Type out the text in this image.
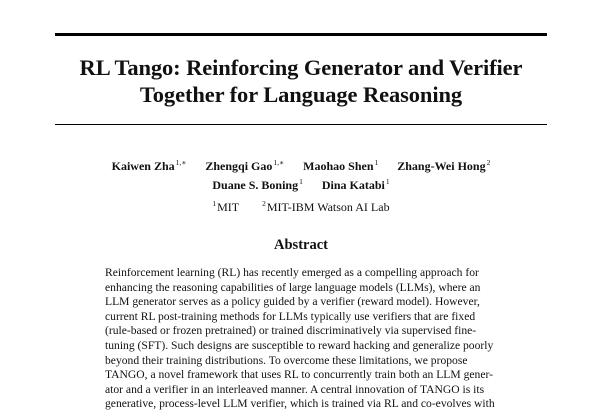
RL Tango: Reinforcing Generator and Verifier
Together for Language Reasoning
Kaiwen Zha$^{1,∗}$ Zhengqi Gao$^{1,∗}$ Maohao Shen$^1$ Zhang-Wei Hong$^2$
Duane S. Boning$^1$ Dina Katabi$^1$
$^1$MIT	$^2$MIT-IBM Watson AI Lab
Abstract
Reinforcement learning (RL) has recently emerged as a compelling approach for
enhancing the reasoning capabilities of large language models (LLMs), where an
LLM generator serves as a policy guided by a verifier (reward model). However,
current RL post-training methods for LLMs typically use verifiers that are fixed
(rule-based or frozen pretrained) or trained discriminatively via supervised fine-
tuning (SFT). Such designs are susceptible to reward hacking and generalize poorly
beyond their training distributions. To overcome these limitations, we propose
TANGO, a novel framework that uses RL to concurrently train both an LLM gener-
ator and a verifier in an interleaved manner. A central innovation of TANGO is its
generative, process-level LLM verifier, which is trained via RL and co-evolves with
